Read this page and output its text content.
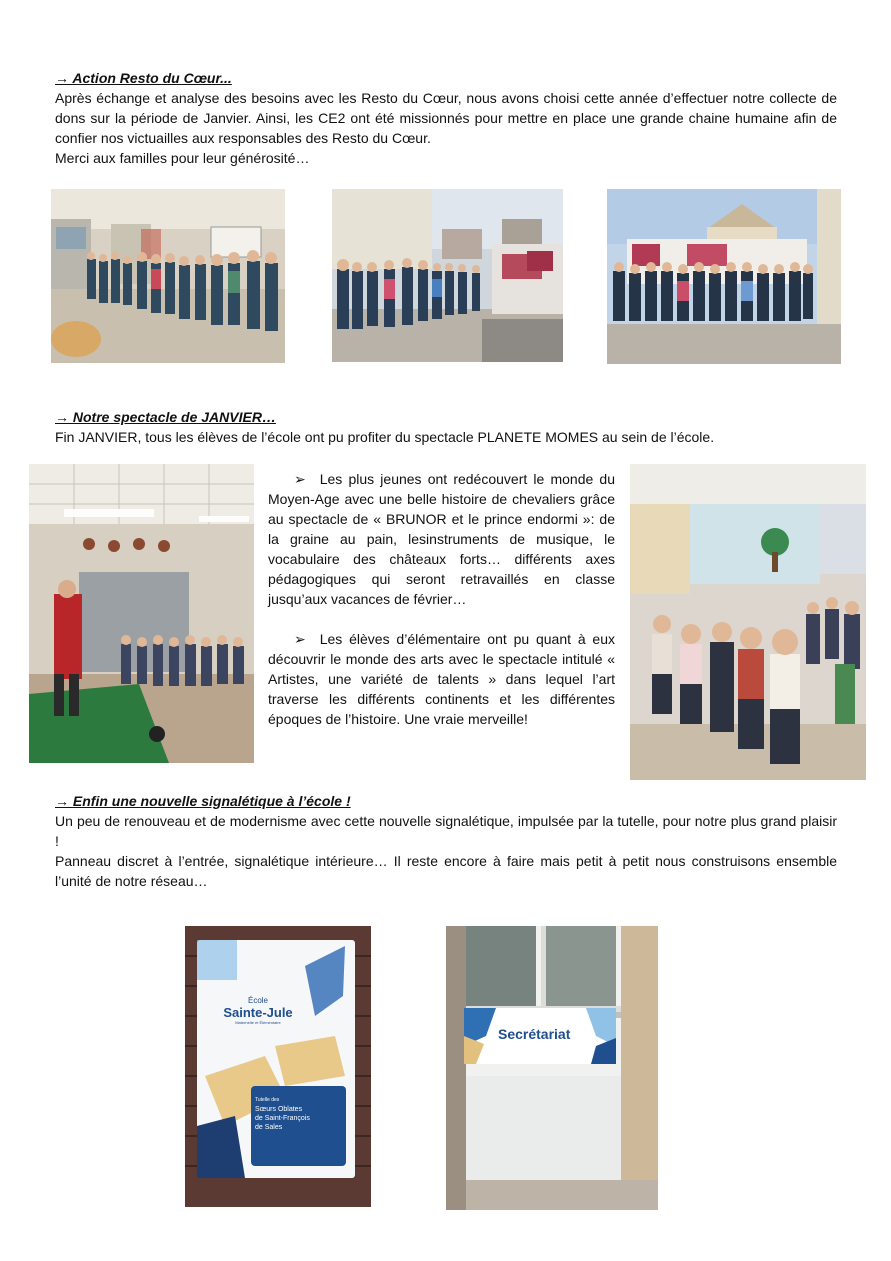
→ Action Resto du Cœur...

Après échange et analyse des besoins avec les Resto du Cœur, nous avons choisi cette année d’effectuer notre collecte de dons sur la période de Janvier. Ainsi, les CE2 ont été missionnés pour mettre en place une grande chaine humaine afin de confier nos victuailles aux responsables des Resto du Cœur.

Merci aux familles pour leur générosité…
→ Notre spectacle de JANVIER…
Fin JANVIER, tous les élèves de l’école ont pu profiter du spectacle PLANETE MOMES au sein de l’école.

➢ Les plus jeunes ont redécouvert le monde du Moyen-Age avec une belle histoire de chevaliers grâce au spectacle de « BRUNOR et le prince endormi »: de la graine au pain, lesinstruments de musique, le vocabulaire des châteaux forts… différents axes pédagogiques qui seront retravaillés en classe jusqu’aux vacances de février…

➢ Les élèves d’élémentaire ont pu quant à eux découvrir le monde des arts avec le spectacle intitulé « Artistes, une variété de talents » dans lequel l’art traverse les différents continents et les différentes époques de l’histoire. Une vraie merveille!

→ Enfin une nouvelle signalétique à l’école !

Un peu de renouveau et de modernisme avec cette nouvelle signalétique, impulsée par la tutelle, pour notre plus grand plaisir !

Panneau discret à l’entrée, signalétique intérieure… Il reste encore à faire mais petit à petit nous construisons ensemble l’unité de notre réseau…

École
Sainte-Jule
Maternelle et Élémentaire
Tutelle des
Sœurs Oblates
de Saint-François
de Sales
Secrétariat
